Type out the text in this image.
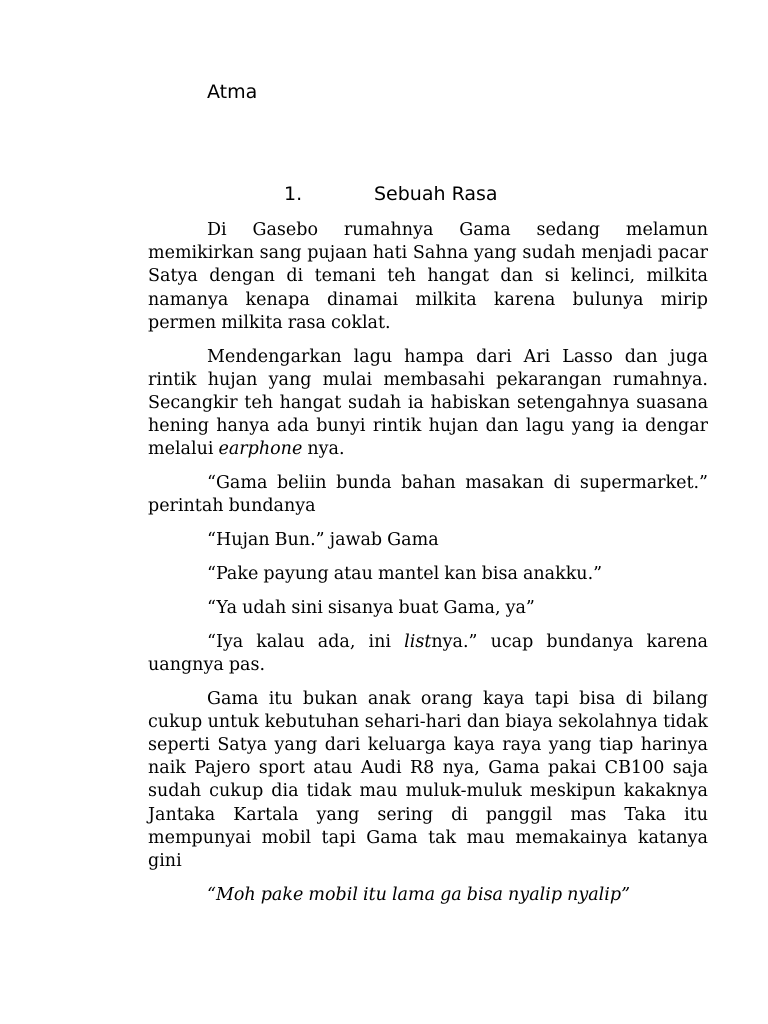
Atma
1.	Sebuah Rasa

Di Gasebo rumahnya Gama sedang melamun memikirkan sang pujaan hati Sahna yang sudah menjadi pacar Satya dengan di temani teh hangat dan si kelinci, milkita namanya kenapa dinamai milkita karena bulunya mirip permen milkita rasa coklat.

Mendengarkan lagu hampa dari Ari Lasso dan juga rintik hujan yang mulai membasahi pekarangan rumahnya. Secangkir teh hangat sudah ia habiskan setengahnya suasana hening hanya ada bunyi rintik hujan dan lagu yang ia dengar melalui earphone nya.

“Gama beliin bunda bahan masakan di supermarket.” perintah bundanya

“Hujan Bun.” jawab Gama

“Pake payung atau mantel kan bisa anakku.”

“Ya udah sini sisanya buat Gama, ya”

“Iya kalau ada, ini listnya.” ucap bundanya karena uangnya pas.

Gama itu bukan anak orang kaya tapi bisa di bilang cukup untuk kebutuhan sehari-hari dan biaya sekolahnya tidak seperti Satya yang dari keluarga kaya raya yang tiap harinya naik Pajero sport atau Audi R8 nya, Gama pakai CB100 saja sudah cukup dia tidak mau muluk-muluk meskipun kakaknya Jantaka Kartala yang sering di panggil mas Taka itu mempunyai mobil tapi Gama tak mau memakainya katanya gini

“Moh pake mobil itu lama ga bisa nyalip nyalip”
